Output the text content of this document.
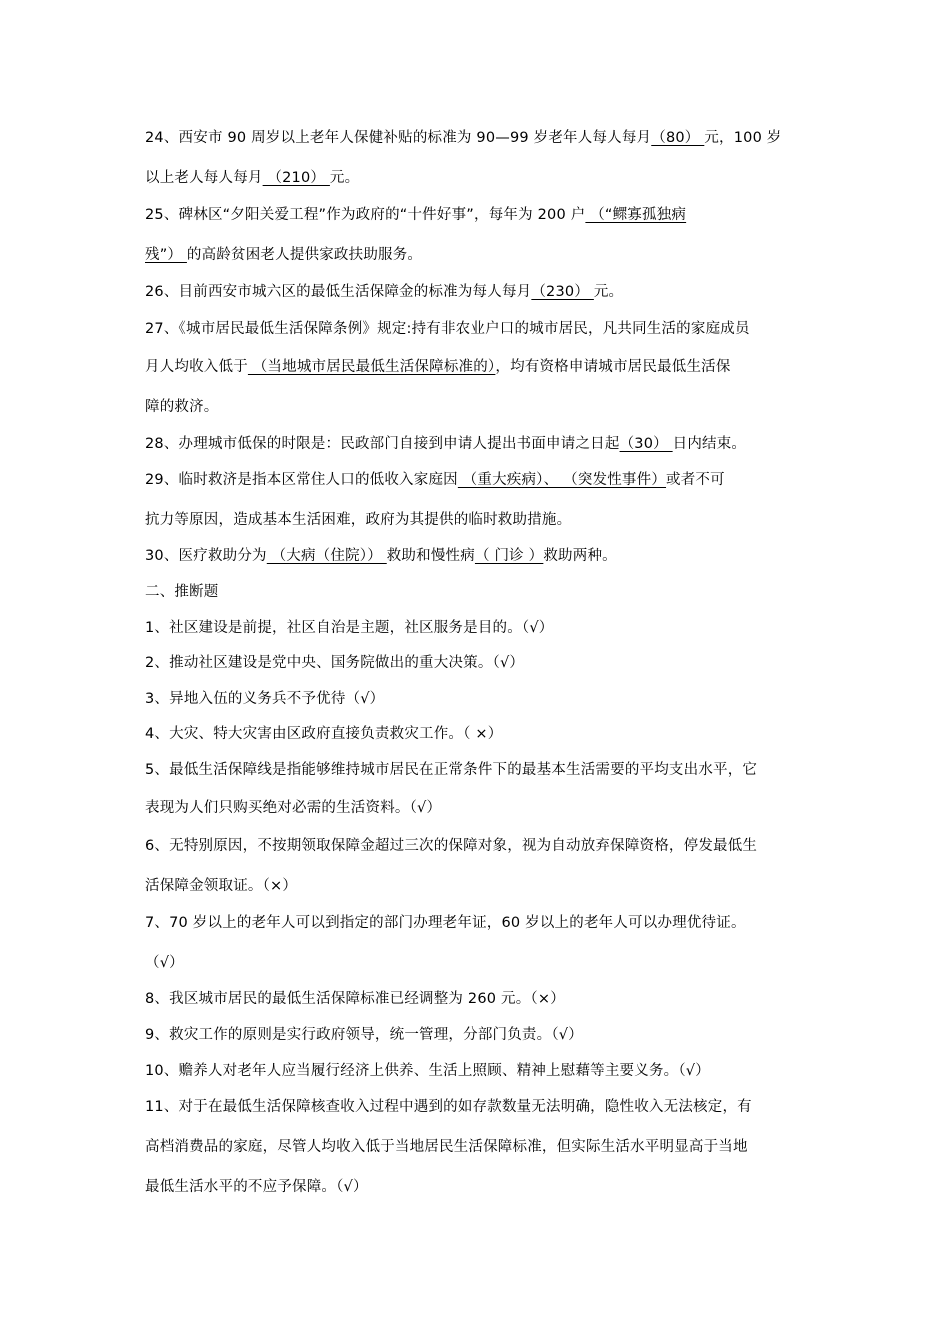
24、西安市 90 周岁以上老年人保健补贴的标准为 90—99 岁老年人每人每月（80） 元，100 岁
以上老人每人每月 （210） 元。
25、碑林区“夕阳关爱工程”作为政府的“十件好事”，每年为 200 户 （“鳏寡孤独病
残”） 的高龄贫困老人提供家政扶助服务。
26、目前西安市城六区的最低生活保障金的标准为每人每月（230） 元。
27、《城市居民最低生活保障条例》规定:持有非农业户口的城市居民，凡共同生活的家庭成员
月人均收入低于 （当地城市居民最低生活保障标准的），均有资格申请城市居民最低生活保
障的救济。
28、办理城市低保的时限是：民政部门自接到申请人提出书面申请之日起（30） 日内结束。
29、临时救济是指本区常住人口的低收入家庭因 （重大疾病）、 （突发性事件）或者不可
抗力等原因，造成基本生活困难，政府为其提供的临时救助措施。
30、医疗救助分为 （大病（住院）） 救助和慢性病（ 门诊 ）救助两种。
二、推断题
1、社区建设是前提，社区自治是主题，社区服务是目的。（√）
2、推动社区建设是党中央、国务院做出的重大决策。（√）
3、异地入伍的义务兵不予优待（√）
4、大灾、特大灾害由区政府直接负责救灾工作。（ ×）
5、最低生活保障线是指能够维持城市居民在正常条件下的最基本生活需要的平均支出水平，它
表现为人们只购买绝对必需的生活资料。（√）
6、无特别原因，不按期领取保障金超过三次的保障对象，视为自动放弃保障资格，停发最低生
活保障金领取证。（×）
7、70 岁以上的老年人可以到指定的部门办理老年证，60 岁以上的老年人可以办理优待证。
（√）
8、我区城市居民的最低生活保障标准已经调整为 260 元。（×）
9、救灾工作的原则是实行政府领导，统一管理，分部门负责。（√）
10、赡养人对老年人应当履行经济上供养、生活上照顾、精神上慰藉等主要义务。（√）
11、对于在最低生活保障核查收入过程中遇到的如存款数量无法明确，隐性收入无法核定，有
高档消费品的家庭，尽管人均收入低于当地居民生活保障标准，但实际生活水平明显高于当地
最低生活水平的不应予保障。（√）
